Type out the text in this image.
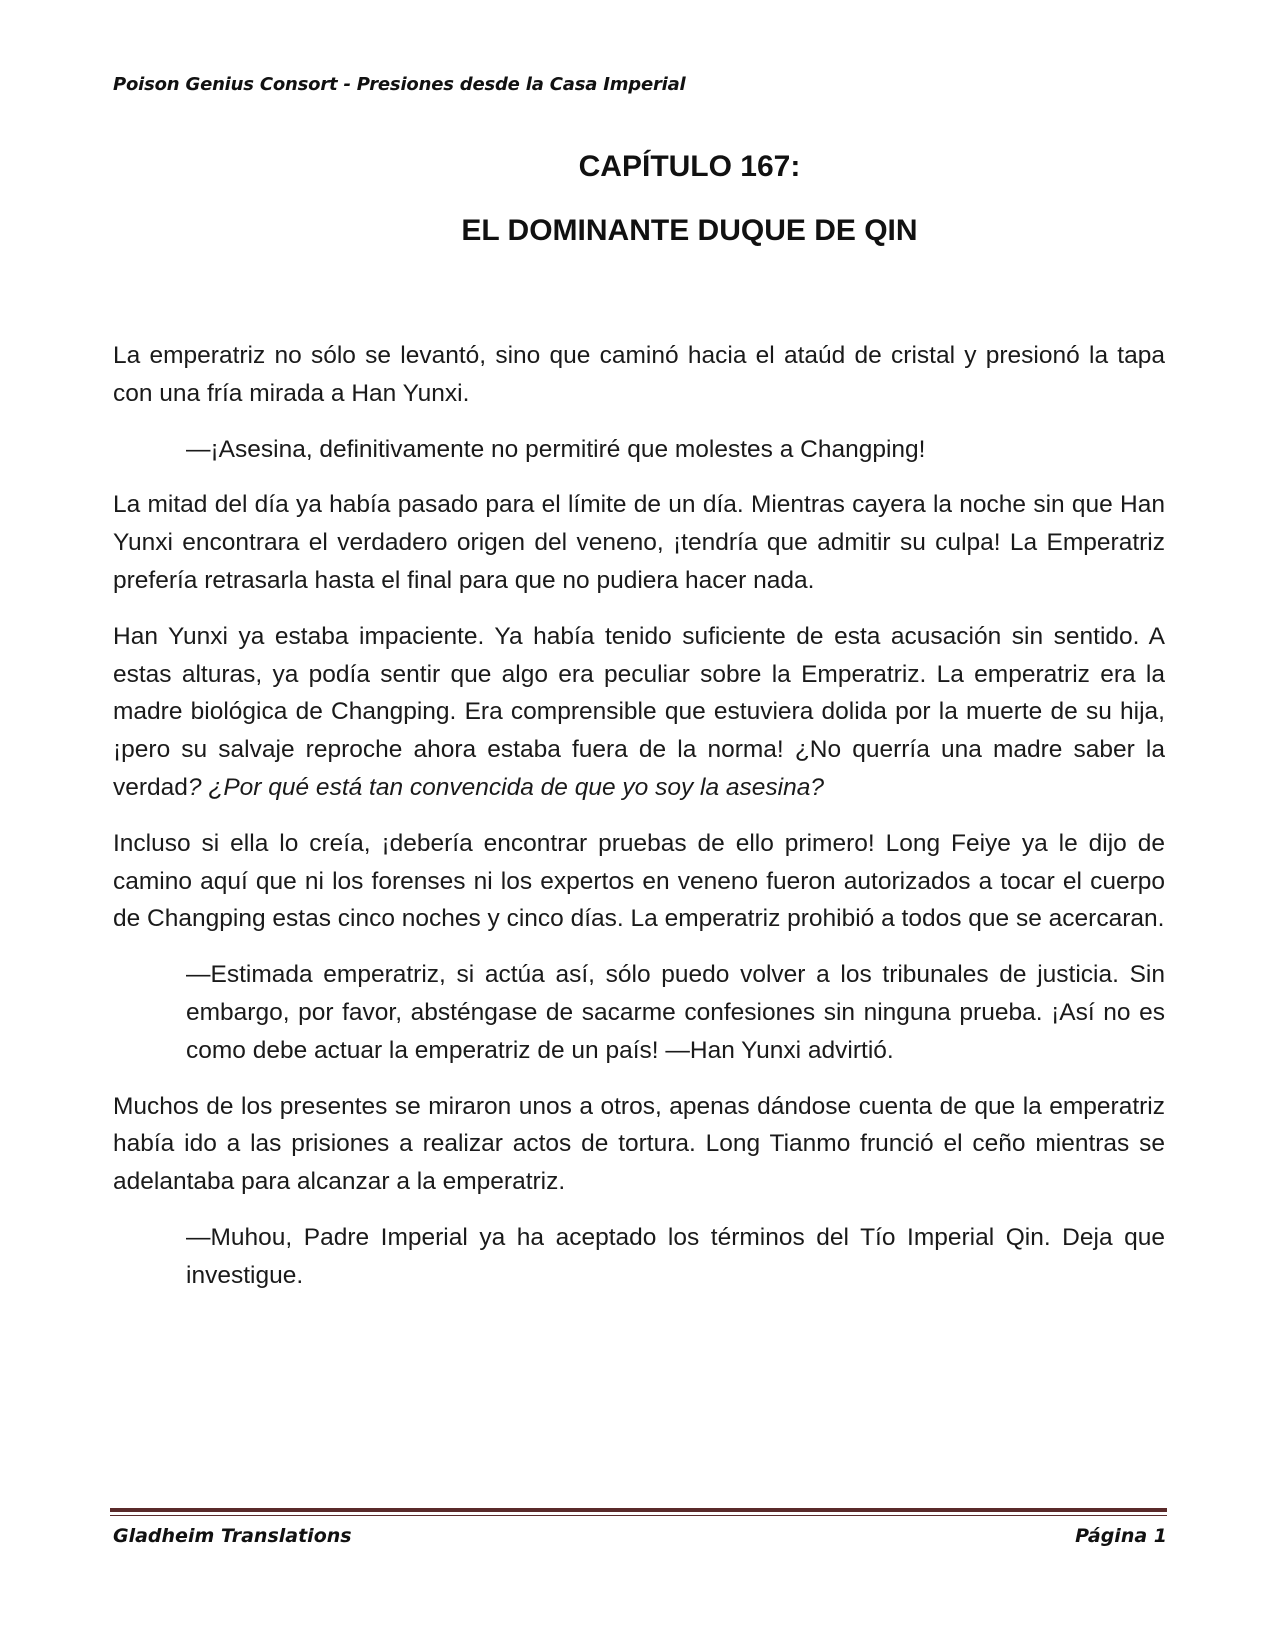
Poison Genius Consort - Presiones desde la Casa Imperial
CAPÍTULO 167:
EL DOMINANTE DUQUE DE QIN

La emperatriz no sólo se levantó, sino que caminó hacia el ataúd de cristal y presionó la tapa con una fría mirada a Han Yunxi.

—¡Asesina, definitivamente no permitiré que molestes a Changping!

La mitad del día ya había pasado para el límite de un día. Mientras cayera la noche sin que Han Yunxi encontrara el verdadero origen del veneno, ¡tendría que admitir su culpa! La Emperatriz prefería retrasarla hasta el final para que no pudiera hacer nada.

Han Yunxi ya estaba impaciente. Ya había tenido suficiente de esta acusación sin sentido. A estas alturas, ya podía sentir que algo era peculiar sobre la Emperatriz. La emperatriz era la madre biológica de Changping. Era comprensible que estuviera dolida por la muerte de su hija, ¡pero su salvaje reproche ahora estaba fuera de la norma! ¿No querría una madre saber la verdad? ¿Por qué está tan convencida de que yo soy la asesina?

Incluso si ella lo creía, ¡debería encontrar pruebas de ello primero! Long Feiye ya le dijo de camino aquí que ni los forenses ni los expertos en veneno fueron autorizados a tocar el cuerpo de Changping estas cinco noches y cinco días. La emperatriz prohibió a todos que se acercaran.

—Estimada emperatriz, si actúa así, sólo puedo volver a los tribunales de justicia. Sin embargo, por favor, absténgase de sacarme confesiones sin ninguna prueba. ¡Así no es como debe actuar la emperatriz de un país! —Han Yunxi advirtió.

Muchos de los presentes se miraron unos a otros, apenas dándose cuenta de que la emperatriz había ido a las prisiones a realizar actos de tortura. Long Tianmo frunció el ceño mientras se adelantaba para alcanzar a la emperatriz.

—Muhou, Padre Imperial ya ha aceptado los términos del Tío Imperial Qin. Deja que investigue.

Gladheim Translations	Página 1
